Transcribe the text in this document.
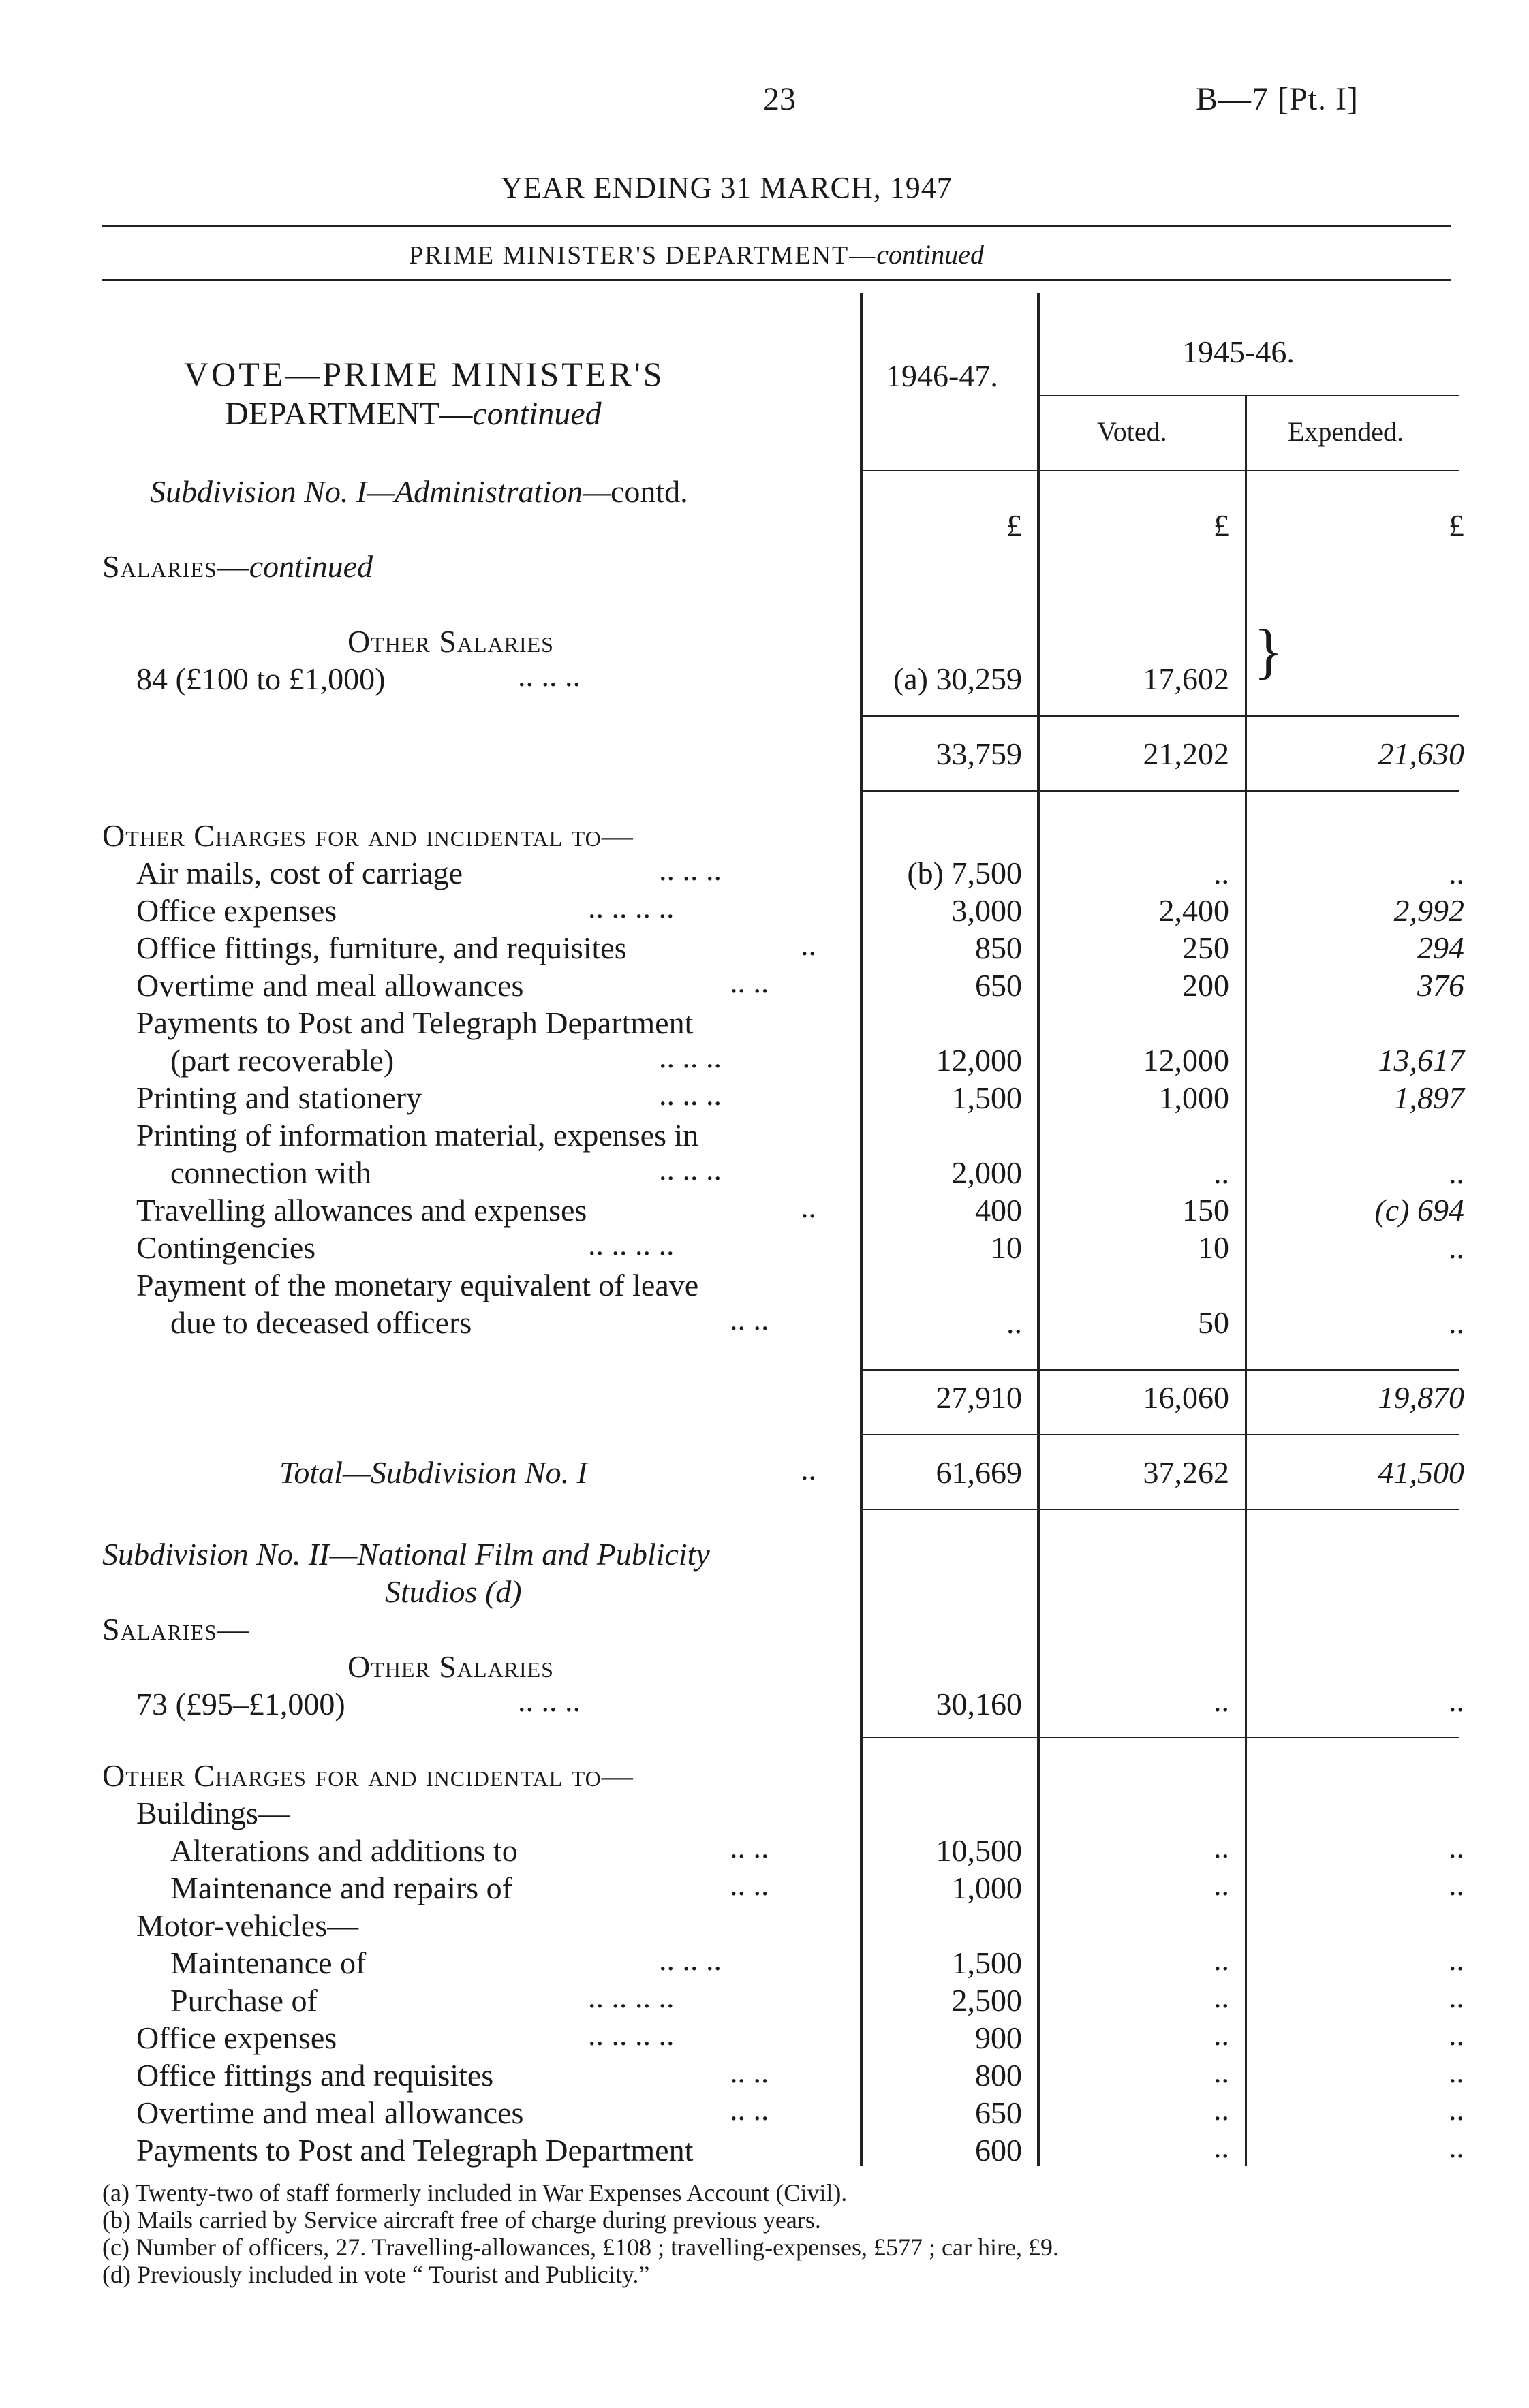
23	B—7 [Pt. I]
YEAR ENDING 31 MARCH, 1947
PRIME MINISTER'S DEPARTMENT—continued
1946-47.
1945-46.
Voted.	Expended.
£	£	£
VOTE—PRIME MINISTER'S
DEPARTMENT—continued
Subdivision No. I—Administration—contd.
Salaries—continued
Other Salaries
84 (£100 to £1,000)	.. .. ..	(a) 30,259	17,602 }
33,759	21,202	21,630
Other Charges for and incidental to—
Air mails, cost of carriage	.. .. ..	(b) 7,500	..	..
Office expenses	.. .. .. ..	3,000	2,400	2,992
Office fittings, furniture, and requisites	..	850	250	294
Overtime and meal allowances	.. ..	650	200	376
Payments to Post and Telegraph Department
(part recoverable)	.. .. ..	12,000	12,000	13,617
Printing and stationery	.. .. ..	1,500	1,000	1,897
Printing of information material, expenses in
connection with	.. .. ..	2,000	..	..
Travelling allowances and expenses	..	400	150	(c) 694
Contingencies	.. .. .. ..	10	10	..
Payment of the monetary equivalent of leave
due to deceased officers	.. ..	..	50	..
27,910	16,060	19,870
Total—Subdivision No. I	..	61,669	37,262	41,500
Subdivision No. II—National Film and Publicity
Studios (d)
Salaries—
Other Salaries
73 (£95–£1,000)	.. .. ..	30,160	..	..
Other Charges for and incidental to—
Buildings—
Alterations and additions to	.. ..	10,500	..	..
Maintenance and repairs of	.. ..	1,000	..	..
Motor-vehicles—
Maintenance of	.. .. ..	1,500	..	..
Purchase of	.. .. .. ..	2,500	..	..
Office expenses	.. .. .. ..	900	..	..
Office fittings and requisites	.. ..	800	..	..
Overtime and meal allowances	.. ..	650	..	..
Payments to Post and Telegraph Department	600	..	..
(a) Twenty-two of staff formerly included in War Expenses Account (Civil).
(b) Mails carried by Service aircraft free of charge during previous years.
(c) Number of officers, 27. Travelling-allowances, £108 ; travelling-expenses, £577 ; car hire, £9.
(d) Previously included in vote “ Tourist and Publicity.”
